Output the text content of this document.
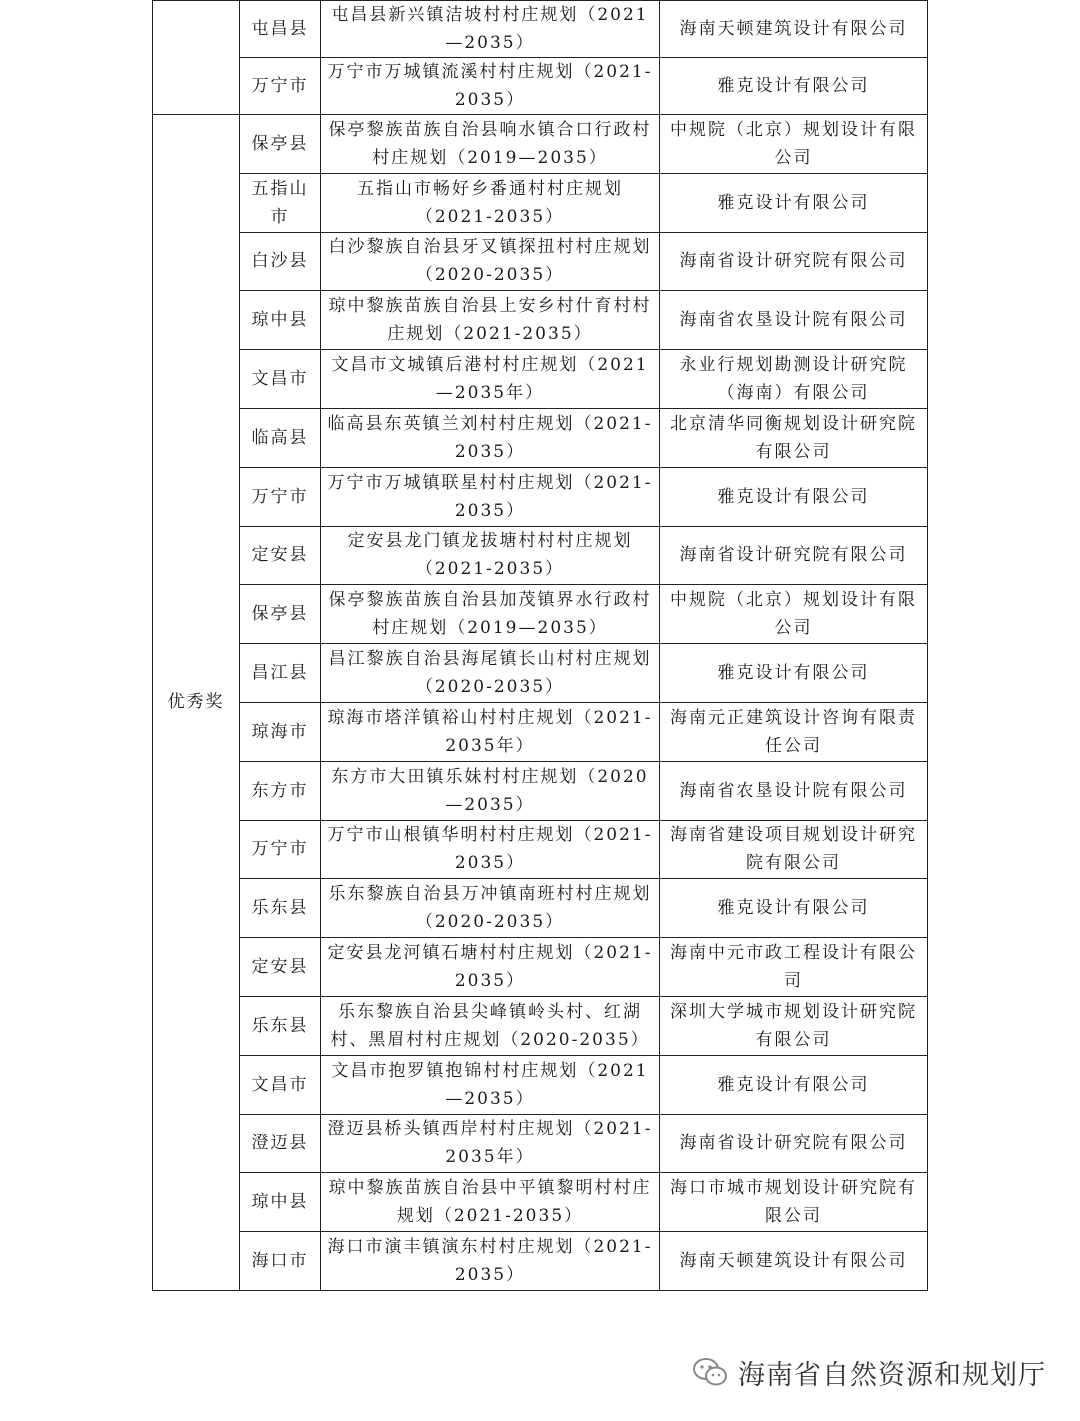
	屯昌县	屯昌县新兴镇洁坡村村庄规划（2021—2035）	海南天顿建筑设计有限公司
	万宁市	万宁市万城镇流溪村村庄规划（2021-2035）	雅克设计有限公司
优秀奖	保亭县	保亭黎族苗族自治县响水镇合口行政村村庄规划（2019—2035）	中规院（北京）规划设计有限公司
	五指山市	五指山市畅好乡番通村村庄规划（2021-2035）	雅克设计有限公司
	白沙县	白沙黎族自治县牙叉镇探扭村村庄规划（2020-2035）	海南省设计研究院有限公司
	琼中县	琼中黎族苗族自治县上安乡村什育村村庄规划（2021-2035）	海南省农垦设计院有限公司
	文昌市	文昌市文城镇后港村村庄规划（2021—2035年）	永业行规划勘测设计研究院（海南）有限公司
	临高县	临高县东英镇兰刘村村庄规划（2021-2035）	北京清华同衡规划设计研究院有限公司
	万宁市	万宁市万城镇联星村村庄规划（2021-2035）	雅克设计有限公司
	定安县	定安县龙门镇龙拔塘村村村庄规划（2021-2035）	海南省设计研究院有限公司
	保亭县	保亭黎族苗族自治县加茂镇界水行政村村庄规划（2019—2035）	中规院（北京）规划设计有限公司
	昌江县	昌江黎族自治县海尾镇长山村村庄规划（2020-2035）	雅克设计有限公司
	琼海市	琼海市塔洋镇裕山村村庄规划（2021-2035年）	海南元正建筑设计咨询有限责任公司
	东方市	东方市大田镇乐妹村村庄规划（2020—2035）	海南省农垦设计院有限公司
	万宁市	万宁市山根镇华明村村庄规划（2021-2035）	海南省建设项目规划设计研究院有限公司
	乐东县	乐东黎族自治县万冲镇南班村村庄规划（2020-2035）	雅克设计有限公司
	定安县	定安县龙河镇石塘村村庄规划（2021-2035）	海南中元市政工程设计有限公司
	乐东县	乐东黎族自治县尖峰镇岭头村、红湖村、黑眉村村庄规划（2020-2035）	深圳大学城市规划设计研究院有限公司
	文昌市	文昌市抱罗镇抱锦村村庄规划（2021—2035）	雅克设计有限公司
	澄迈县	澄迈县桥头镇西岸村村庄规划（2021-2035年）	海南省设计研究院有限公司
	琼中县	琼中黎族苗族自治县中平镇黎明村村庄规划（2021-2035）	海口市城市规划设计研究院有限公司
	海口市	海口市演丰镇演东村村庄规划（2021-2035）	海南天顿建筑设计有限公司
海南省自然资源和规划厅
